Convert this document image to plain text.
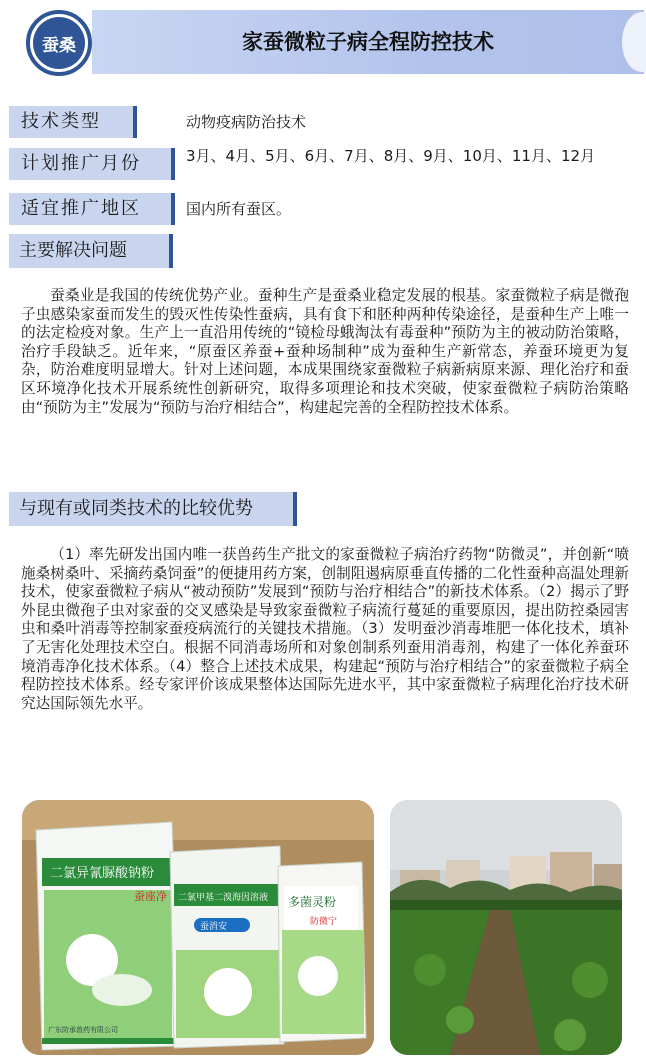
蚕桑	家蚕微粒子病全程防控技术
技术类型	动物疫病防治技术
计划推广月份	3月、4月、5月、6月、7月、8月、9月、10月、11月、12月
适宜推广地区	国内所有蚕区。
主要解决问题
蚕桑业是我国的传统优势产业。蚕种生产是蚕桑业稳定发展的根基。家蚕微粒子病是微孢子虫感染家蚕而发生的毁灭性传染性蚕病，具有食下和胚种两种传染途径，是蚕种生产上唯一的法定检疫对象。生产上一直沿用传统的“镜检母蛾淘汰有毒蚕种”预防为主的被动防治策略，治疗手段缺乏。近年来，“原蚕区养蚕+蚕种场制种”成为蚕种生产新常态，养蚕环境更为复杂，防治难度明显增大。针对上述问题，本成果围绕家蚕微粒子病新病原来源、理化治疗和蚕区环境净化技术开展系统性创新研究，取得多项理论和技术突破，使家蚕微粒子病防治策略由“预防为主”发展为“预防与治疗相结合”，构建起完善的全程防控技术体系。
与现有或同类技术的比较优势
（1）率先研发出国内唯一获兽药生产批文的家蚕微粒子病治疗药物“防微灵”，并创新“喷施桑树桑叶、采摘药桑饲蚕”的便捷用药方案，创制阻遏病原垂直传播的二化性蚕种高温处理新技术，使家蚕微粒子病从“被动预防”发展到“预防与治疗相结合”的新技术体系。（2）揭示了野外昆虫微孢子虫对家蚕的交叉感染是导致家蚕微粒子病流行蔓延的重要原因，提出防控桑园害虫和桑叶消毒等控制家蚕疫病流行的关键技术措施。（3）发明蚕沙消毒堆肥一体化技术，填补了无害化处理技术空白。根据不同消毒场所和对象创制系列蚕用消毒剂，构建了一体化养蚕环境消毒净化技术体系。（4）整合上述技术成果，构建起“预防与治疗相结合”的家蚕微粒子病全程防控技术体系。经专家评价该成果整体达国际先进水平，其中家蚕微粒子病理化治疗技术研究达国际领先水平。
二氯异氰脲酸钠粉
蚕座净
广东防承兽药有限公司
二氯甲基二溴海因溶液
蚕消安
多菌灵粉
防微宁
